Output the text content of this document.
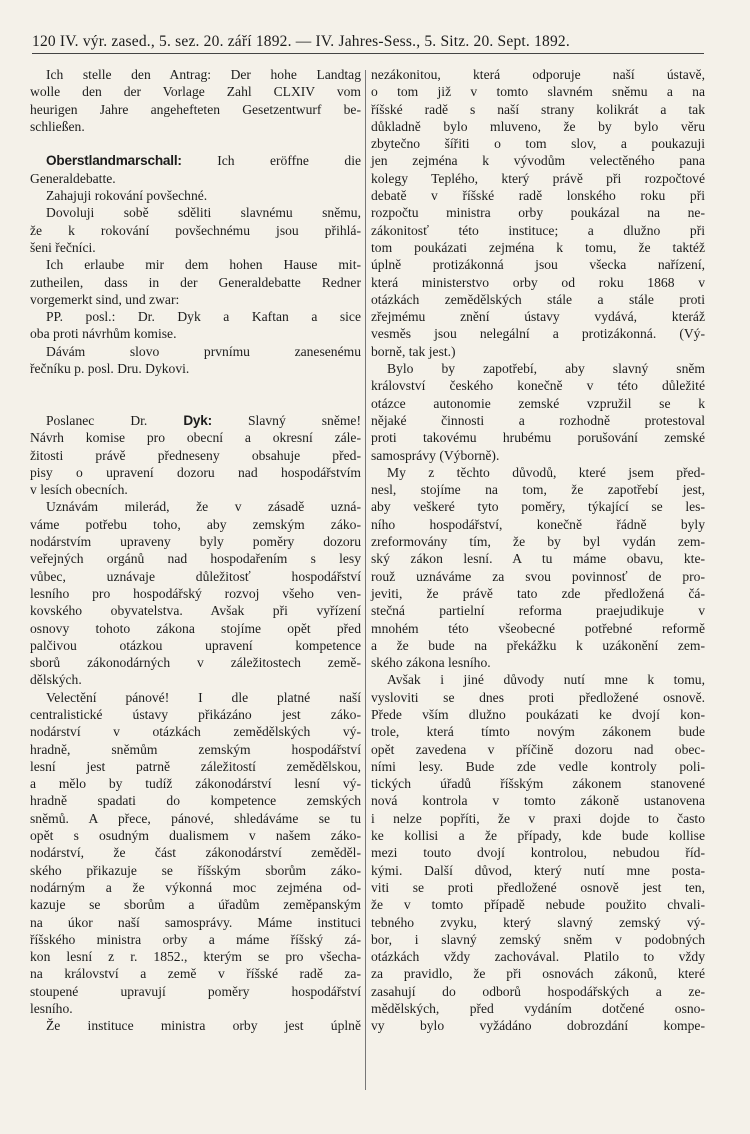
120 IV. výr. zased., 5. sez. 20. září 1892. — IV. Jahres-Sess., 5. Sitz. 20. Sept. 1892.
Ich stelle den Antrag: Der hohe Landtag
wolle den der Vorlage Zahl CLXIV vom
heurigen Jahre angehefteten Gesetzentwurf be-
schließen.

Oberstlandmarschall: Ich eröffne die
Generaldebatte.
Zahajuji rokování povšechné.
Dovoluji sobě sděliti slavnému sněmu,
že k rokování povšechnému jsou přihlá-
šeni řečníci.
Ich erlaube mir dem hohen Hause mit-
zutheilen, dass in der Generaldebatte Redner
vorgemerkt sind, und zwar:
PP. posl.: Dr. Dyk a Kaftan a sice
oba proti návrhům komise.
Dávám slovo prvnímu zanesenému
řečníku p. posl. Dru. Dykovi.

Poslanec Dr. Dyk: Slavný sněme!
Návrh komise pro obecní a okresní zále-
žitosti právě předneseny obsahuje před-
pisy o upravení dozoru nad hospodářstvím
v lesích obecních.
Uznávám milerád, že v zásadě uzná-
váme potřebu toho, aby zemským záko-
nodárstvím upraveny byly poměry dozoru
veřejných orgánů nad hospodařením s lesy
vůbec, uznávaje důležitosť hospodářství
lesního pro hospodářský rozvoj všeho ven-
kovského obyvatelstva. Avšak při vyřízení
osnovy tohoto zákona stojíme opět před
palčivou otázkou upravení kompetence
sborů zákonodárných v záležitostech země-
dělských.
Velectění pánové! I dle platné naší
centralistické ústavy přikázáno jest záko-
nodárství v otázkách zemědělských vý-
hradně, sněmům zemským hospodářství
lesní jest patrně záležitostí zemědělskou,
a mělo by tudíž zákonodárství lesní vý-
hradně spadati do kompetence zemských
sněmů. A přece, pánové, shledáváme se tu
opět s osudným dualismem v našem záko-
nodárství, že část zákonodárství zeměděl-
ského přikazuje se říšským sborům záko-
nodárným a že výkonná moc zejména od-
kazuje se sborům a úřadům zeměpanským
na úkor naší samosprávy. Máme instituci
říšského ministra orby a máme říšský zá-
kon lesní z r. 1852., kterým se pro všecha-
na království a země v říšské radě za-
stoupené upravují poměry hospodářství
lesního.
Že instituce ministra orby jest úplně
nezákonitou, která odporuje naší ústavě,
o tom již v tomto slavném sněmu a na
říšské radě s naší strany kolikrát a tak
důkladně bylo mluveno, že by bylo věru
zbytečno šířiti o tom slov, a poukazuji
jen zejména k vývodům velectěného pana
kolegy Teplého, který právě při rozpočtové
debatě v říšské radě lonského roku při
rozpočtu ministra orby poukázal na ne-
zákonitosť této instituce; a dlužno při
tom poukázati zejména k tomu, že taktéž
úplně protizákonná jsou všecka nařízení,
která ministerstvo orby od roku 1868 v
otázkách zemědělských stále a stále proti
zřejmému znění ústavy vydává, kteráž
vesměs jsou nelegální a protizákonná. (Vý-
borně, tak jest.)
Bylo by zapotřebí, aby slavný sněm
království českého konečně v této důležité
otázce autonomie zemské vzpružil se k
nějaké činnosti a rozhodně protestoval
proti takovému hrubému porušování zemské
samosprávy (Výborně).
My z těchto důvodů, které jsem před-
nesl, stojíme na tom, že zapotřebí jest,
aby veškeré tyto poměry, týkající se les-
ního hospodářství, konečně řádně byly
zreformovány tím, že by byl vydán zem-
ský zákon lesní. A tu máme obavu, kte-
rouž uznáváme za svou povinnosť de pro-
jeviti, že právě tato zde předložená čá-
stečná partielní reforma praejudikuje v
mnohém této všeobecné potřebné reformě
a že bude na překážku k uzákonění zem-
ského zákona lesního.
Avšak i jiné důvody nutí mne k tomu,
vysloviti se dnes proti předložené osnově.
Přede vším dlužno poukázati ke dvojí kon-
trole, která tímto novým zákonem bude
opět zavedena v příčině dozoru nad obec-
ními lesy. Bude zde vedle kontroly poli-
tických úřadů říšským zákonem stanovené
nová kontrola v tomto zákoně ustanovena
i nelze popříti, že v praxi dojde to často
ke kollisi a že případy, kde bude kollise
mezi touto dvojí kontrolou, nebudou říd-
kými. Další důvod, který nutí mne posta-
viti se proti předložené osnově jest ten,
že v tomto případě nebude použito chvali-
tebného zvyku, který slavný zemský vý-
bor, i slavný zemský sněm v podobných
otázkách vždy zachovával. Platilo to vždy
za pravidlo, že při osnovách zákonů, které
zasahují do odborů hospodářských a ze-
mědělských, před vydáním dotčené osno-
vy bylo vyžádáno dobrozdání kompe-
